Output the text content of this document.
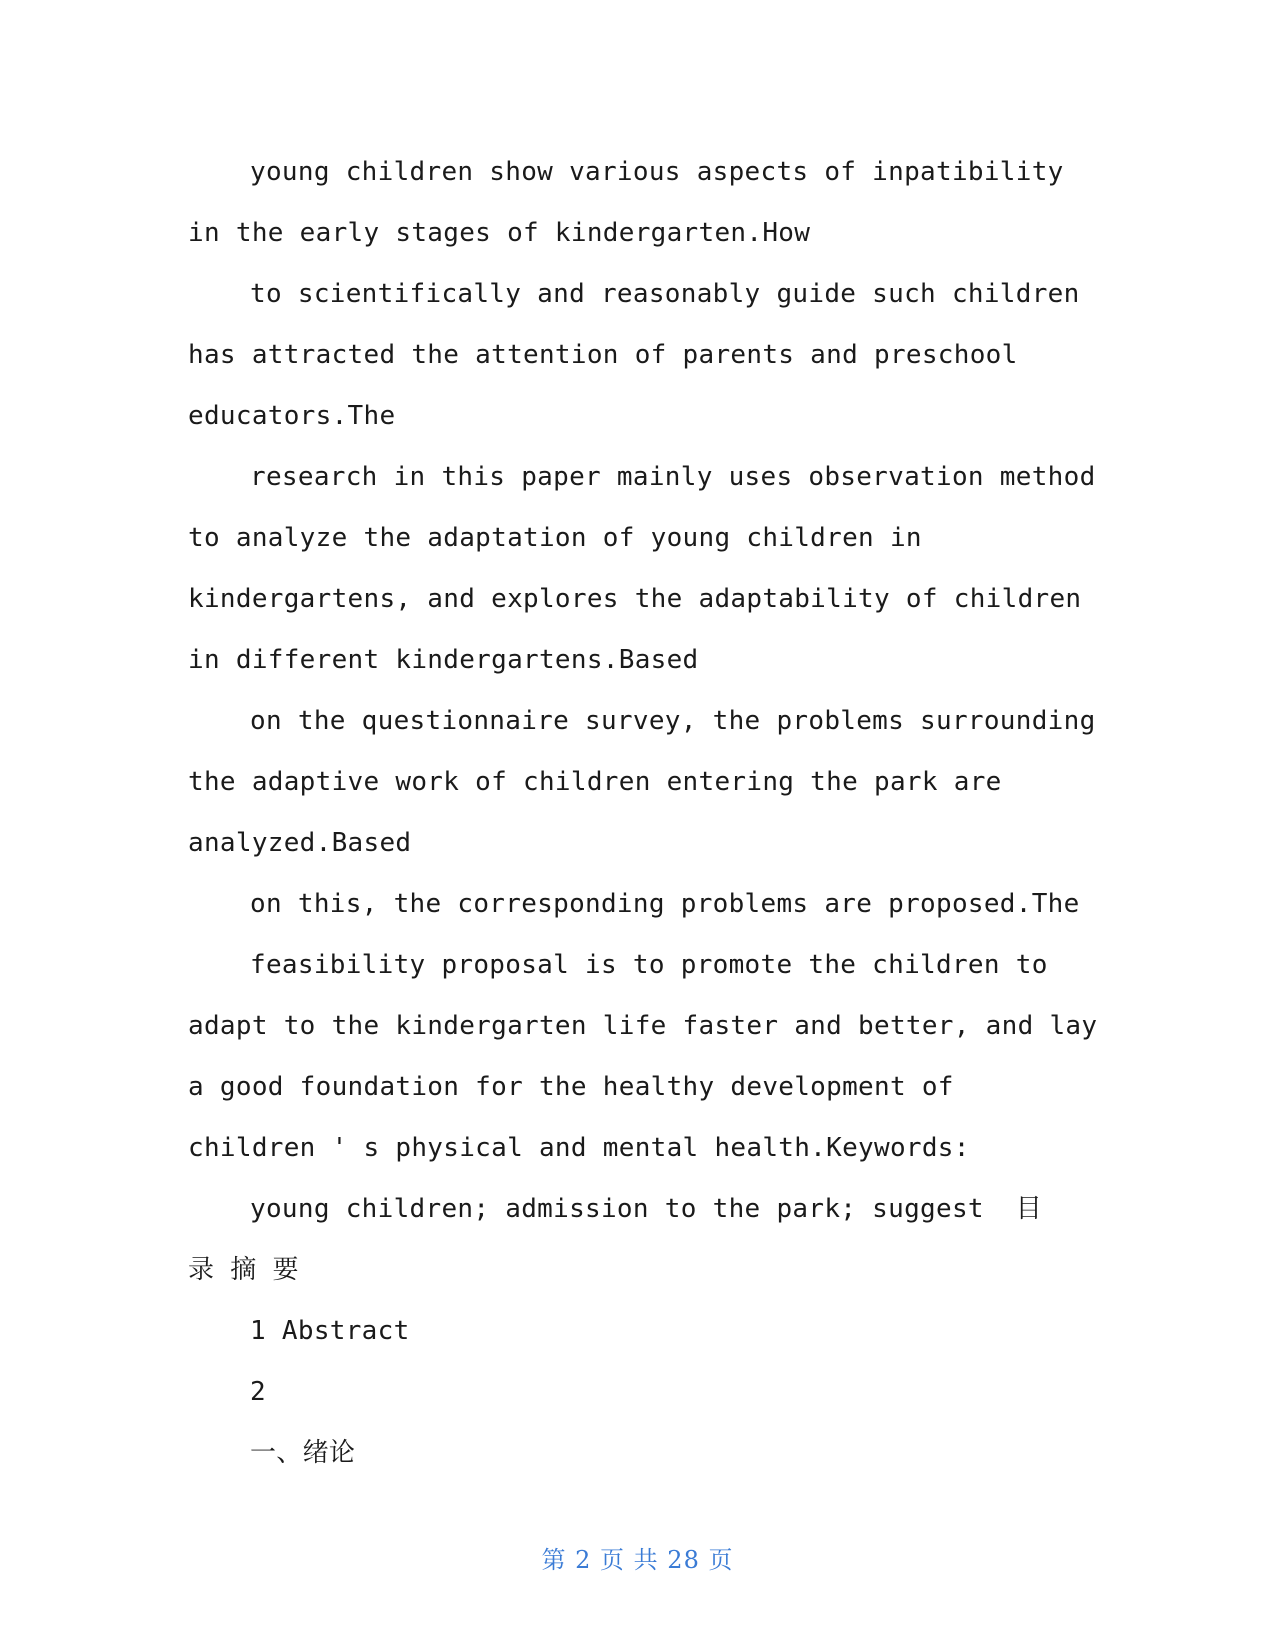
young children show various aspects of inpatibility
in the early stages of kindergarten.How
to scientifically and reasonably guide such children
has attracted the attention of parents and preschool
educators.The
research in this paper mainly uses observation method
to analyze the adaptation of young children in
kindergartens, and explores the adaptability of children
in different kindergartens.Based
on the questionnaire survey, the problems surrounding
the adaptive work of children entering the park are
analyzed.Based
on this, the corresponding problems are proposed.The
feasibility proposal is to promote the children to
adapt to the kindergarten life faster and better, and lay
a good foundation for the healthy development of
children ' s physical and mental health.Keywords:
young children; admission to the park; suggest  目
录 摘 要
1 Abstract
2
一、绪论
第 2 页 共 28 页
